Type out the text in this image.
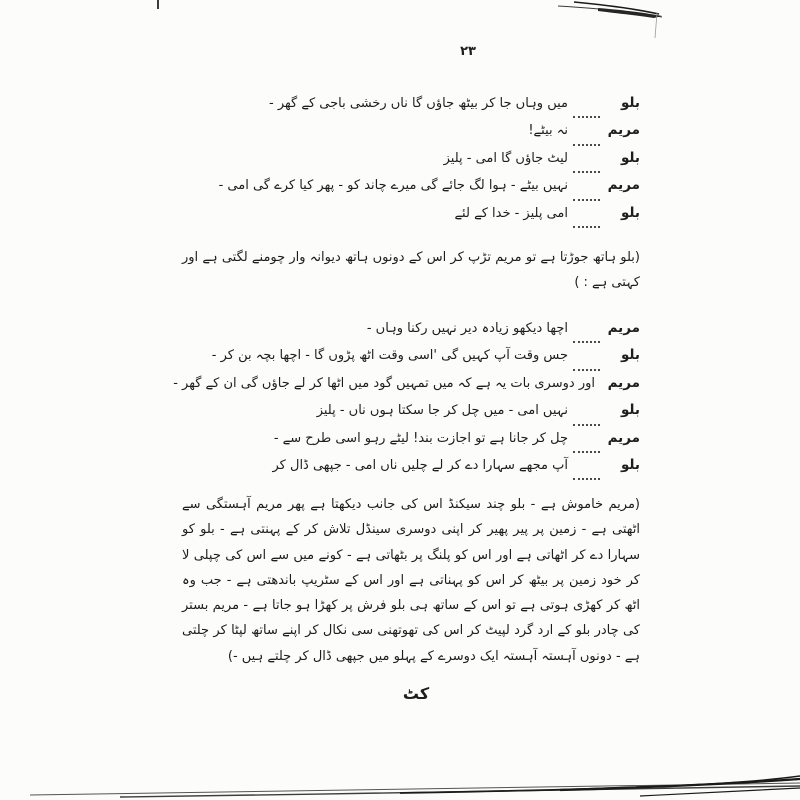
۲۳
بلو
میں وہاں جا کر بیٹھ جاؤں گا ناں رخشی باجی کے گھر -
مریم
نہ بیٹے!
بلو
لیٹ جاؤں گا امی - پلیز
مریم
نہیں بیٹے - ہوا لگ جائے گی میرے چاند کو - پھر کیا کرے گی امی -
بلو
امی پلیز - خدا کے لئے

(بلو ہاتھ جوڑتا ہے تو مریم تڑپ کر اس کے دونوں ہاتھ دیوانہ وار چومنے لگتی ہے اور کہتی ہے : )

مریم
اچھا دیکھو زیادہ دیر نہیں رکنا وہاں -
بلو
جس وقت آپ کہیں گی 'اسی وقت اٹھ پڑوں گا - اچھا بچہ بن کر -
مریم
اور دوسری بات یہ ہے کہ میں تمہیں گود میں اٹھا کر لے جاؤں گی ان کے گھر -
بلو
نہیں امی - میں چل کر جا سکتا ہوں ناں - پلیز
مریم
چل کر جانا ہے تو اجازت بند! لیٹے رہو اسی طرح سے -
بلو
آپ مجھے سہارا دے کر لے چلیں ناں امی - جپھی ڈال کر

(مریم خاموش ہے - بلو چند سیکنڈ اس کی جانب دیکھتا ہے پھر مریم آہستگی سے اٹھتی ہے - زمین پر پیر پھیر کر اپنی دوسری سینڈل تلاش کر کے پہنتی ہے - بلو کو سہارا دے کر اٹھاتی ہے اور اس کو پلنگ پر بٹھاتی ہے - کونے میں سے اس کی چپلی لا کر خود زمین پر بیٹھ کر اس کو پہناتی ہے اور اس کے سٹریپ باندھتی ہے - جب وہ اٹھ کر کھڑی ہوتی ہے تو اس کے ساتھ ہی بلو فرش پر کھڑا ہو جاتا ہے - مریم بستر کی چادر بلو کے ارد گرد لپیٹ کر اس کی تھوتھنی سی نکال کر اپنے ساتھ لپٹا کر چلتی ہے - دونوں آہستہ آہستہ ایک دوسرے کے پہلو میں جپھی ڈال کر چلتے ہیں -)

کٹ
